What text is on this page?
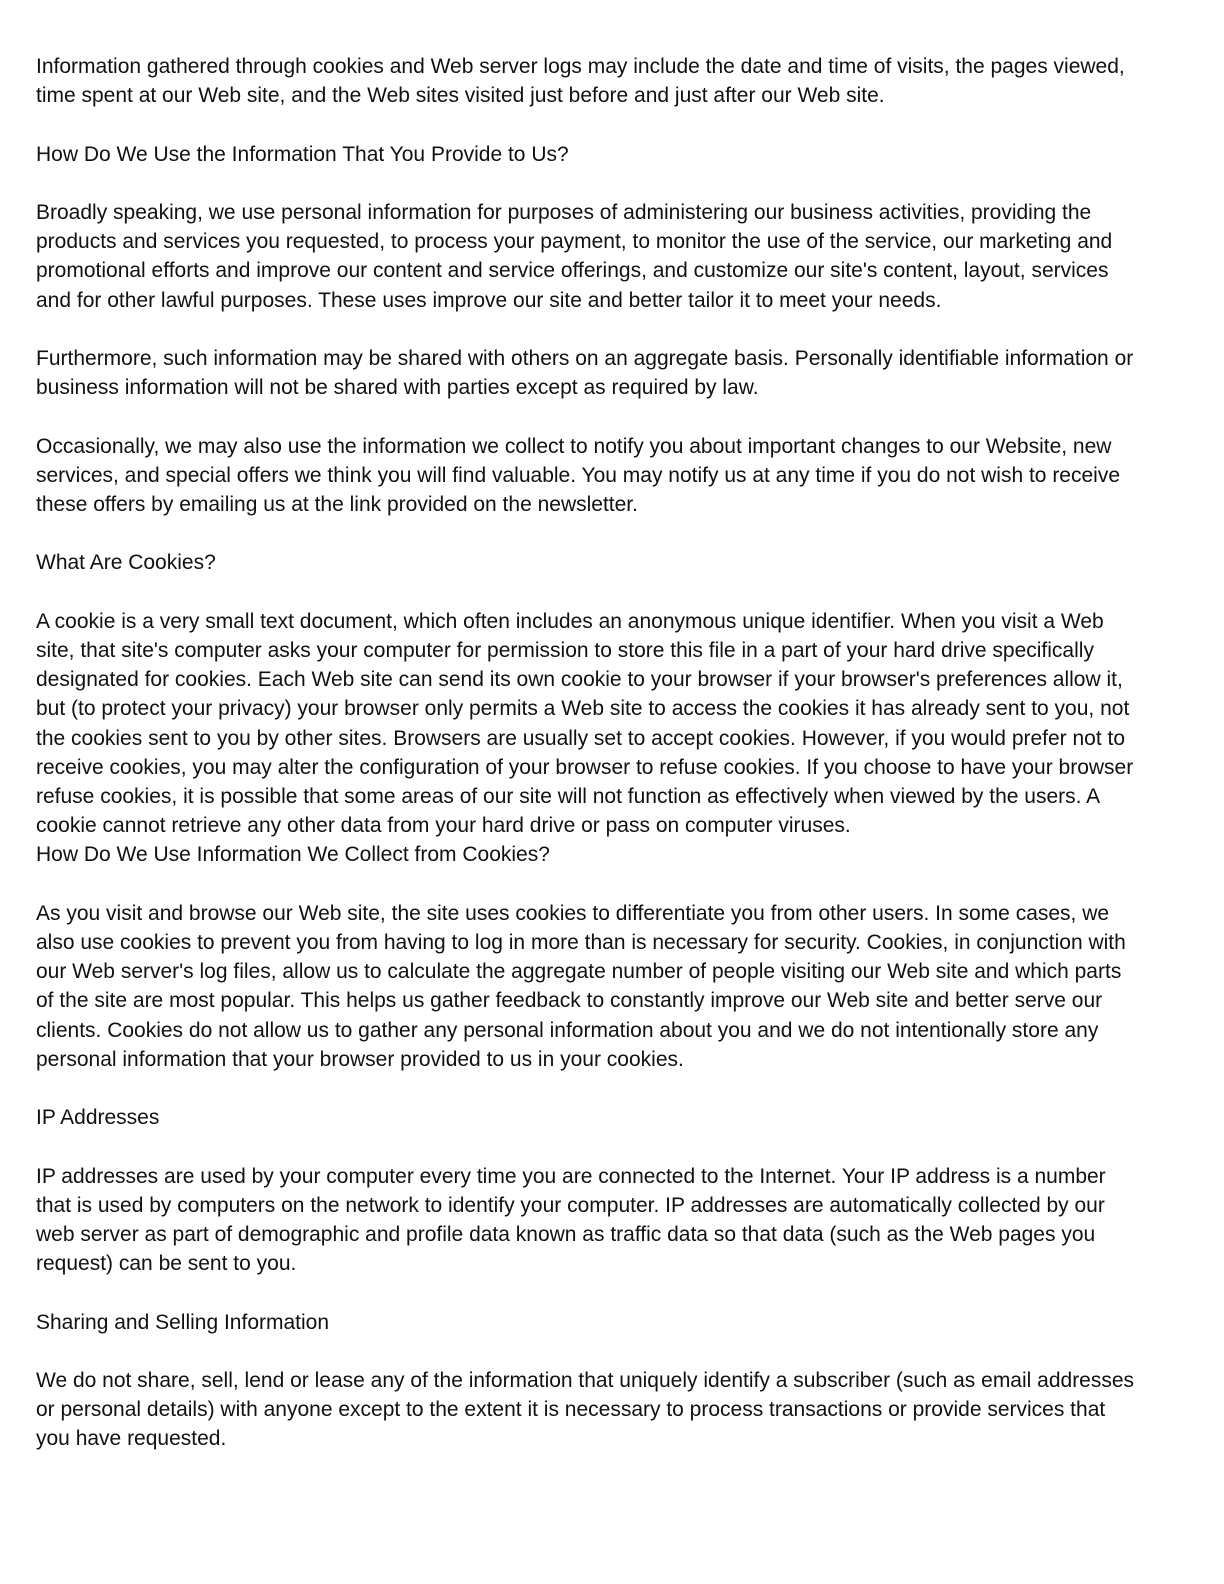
Information gathered through cookies and Web server logs may include the date and time of visits, the pages viewed,
time spent at our Web site, and the Web sites visited just before and just after our Web site.

How Do We Use the Information That You Provide to Us?

Broadly speaking, we use personal information for purposes of administering our business activities, providing the
products and services you requested, to process your payment, to monitor the use of the service, our marketing and
promotional efforts and improve our content and service offerings, and customize our site's content, layout, services
and for other lawful purposes. These uses improve our site and better tailor it to meet your needs.

Furthermore, such information may be shared with others on an aggregate basis. Personally identifiable information or
business information will not be shared with parties except as required by law.

Occasionally, we may also use the information we collect to notify you about important changes to our Website, new
services, and special offers we think you will find valuable. You may notify us at any time if you do not wish to receive
these offers by emailing us at the link provided on the newsletter.

What Are Cookies?

A cookie is a very small text document, which often includes an anonymous unique identifier. When you visit a Web
site, that site's computer asks your computer for permission to store this file in a part of your hard drive specifically
designated for cookies. Each Web site can send its own cookie to your browser if your browser's preferences allow it,
but (to protect your privacy) your browser only permits a Web site to access the cookies it has already sent to you, not
the cookies sent to you by other sites. Browsers are usually set to accept cookies. However, if you would prefer not to
receive cookies, you may alter the configuration of your browser to refuse cookies. If you choose to have your browser
refuse cookies, it is possible that some areas of our site will not function as effectively when viewed by the users. A
cookie cannot retrieve any other data from your hard drive or pass on computer viruses.

How Do We Use Information We Collect from Cookies?

As you visit and browse our Web site, the site uses cookies to differentiate you from other users. In some cases, we
also use cookies to prevent you from having to log in more than is necessary for security. Cookies, in conjunction with
our Web server's log files, allow us to calculate the aggregate number of people visiting our Web site and which parts
of the site are most popular. This helps us gather feedback to constantly improve our Web site and better serve our
clients. Cookies do not allow us to gather any personal information about you and we do not intentionally store any
personal information that your browser provided to us in your cookies.

IP Addresses

IP addresses are used by your computer every time you are connected to the Internet. Your IP address is a number
that is used by computers on the network to identify your computer. IP addresses are automatically collected by our
web server as part of demographic and profile data known as traffic data so that data (such as the Web pages you
request) can be sent to you.

Sharing and Selling Information

We do not share, sell, lend or lease any of the information that uniquely identify a subscriber (such as email addresses
or personal details) with anyone except to the extent it is necessary to process transactions or provide services that
you have requested.
